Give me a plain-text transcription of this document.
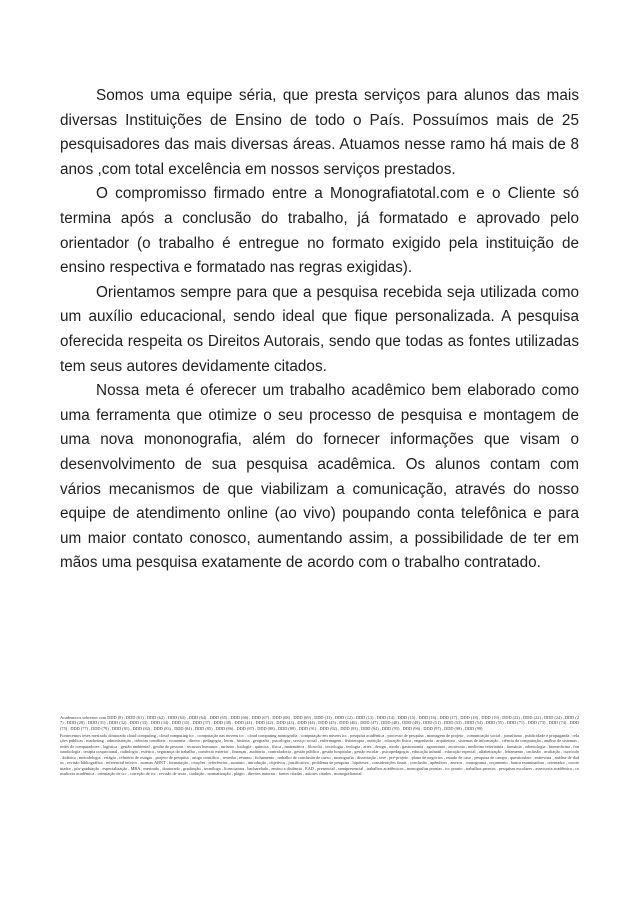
Somos uma equipe séria, que presta serviços para alunos das mais diversas Instituições de Ensino de todo o País. Possuímos mais de 25 pesquisadores das mais diversas áreas. Atuamos nesse ramo há mais de 8 anos ,com total excelência em nossos serviços prestados.

O compromisso firmado entre a Monografiatotal.com e o Cliente só termina após a conclusão do trabalho, já formatado e aprovado pelo orientador (o trabalho é entregue no formato exigido pela instituição de ensino respectiva e formatado nas regras exigidas).

Orientamos sempre para que a pesquisa recebida seja utilizada como um auxílio educacional, sendo ideal que fique personalizada. A pesquisa oferecida respeita os Direitos Autorais, sendo que todas as fontes utilizadas tem seus autores devidamente citados.

Nossa meta é oferecer um trabalho acadêmico bem elaborado como uma ferramenta que otimize o seu processo de pesquisa e montagem de uma nova mononografia, além do fornecer informações que visam o desenvolvimento de sua pesquisa acadêmica. Os alunos contam com vários mecanismos de que viabilizam a comunicação, através do nosso equipe de atendimento online (ao vivo) poupando conta telefônica e para um maior contato conosco, aumentando assim, a possibilidade de ter em mãos uma pesquisa exatamente de acordo com o trabalho contratado.

Academicos sobrenos com DDD (8) , DDD (61) , DDD (62) , DDD (63) , DDD (64) , DDD (65) , DDD (66) , DDD (67) , DDD (68) , DDD (69) , DDD (11) , DDD (12) , DDD (13) , DDD (14) , DDD (15) , DDD (16) , DDD (17) , DDD (18) , DDD (19) , DDD (21) , DDD (22) , DDD (24) , DDD (27) , DDD (28) , DDD (31) , DDD (32) , DDD (33) , DDD (34) , DDD (35) , DDD (37) , DDD (38) , DDD (41) , DDD (42) , DDD (43) , DDD (44) , DDD (45) , DDD (46) , DDD (47) , DDD (48) , DDD (49) , DDD (51) , DDD (53) , DDD (54) , DDD (55) , DDD (71) , DDD (73) , DDD (74) , DDD (75) , DDD (77) , DDD (79) , DDD (81) , DDD (82) , DDD (83) , DDD (84) , DDD (85) , DDD (86) , DDD (87) , DDD (88) , DDD (89) , DDD (91) , DDD (92) , DDD (93) , DDD (94) , DDD (95) , DDD (96) , DDD (97) , DDD (98) , DDD (99) .

Fornecemos teses mestrado doutorado cloud computing , cloud computing tcc , computação nas nuvens tcc , cloud computing monografia , computação em nuvens tcc , pesquisa acadêmica , processo de pesquisa , montagem de projeto , comunicação social , jornalismo , publicidade e propaganda , relações públicas , marketing , administração , ciências contábeis , economia , direito , pedagogia , letras , história , geografia , psicologia , serviço social , enfermagem , fisioterapia , nutrição , educação física , engenharia , arquitetura , sistemas de informação , ciência da computação , análise de sistemas , redes de computadores , logística , gestão ambiental , gestão de pessoas , recursos humanos , turismo , biologia , química , física , matemática , filosofia , sociologia , teologia , artes , design , moda , gastronomia , agronomia , zootecnia , medicina veterinária , farmácia , odontologia , biomedicina , fonoaudiologia , terapia ocupacional , radiologia , estética , segurança do trabalho , comércio exterior , finanças , auditoria , controladoria , gestão pública , gestão hospitalar , gestão escolar , psicopedagogia , educação infantil , educação especial , alfabetização , letramento , inclusão , avaliação , currículo , didática , metodologia , estágio , relatório de estágio , projeto de pesquisa , artigo científico , resenha , resumo , fichamento , trabalho de conclusão de curso , monografia , dissertação , tese , pré-projeto , plano de negócios , estudo de caso , pesquisa de campo , questionário , entrevista , análise de dados , revisão bibliográfica , referencial teórico , normas ABNT , formatação , citações , referências , sumário , introdução , objetivos , justificativa , problema de pesquisa , hipóteses , considerações finais , conclusão , apêndices , anexos , cronograma , orçamento , banca examinadora , orientador , coorientador , pós-graduação , especialização , MBA , mestrado , doutorado , graduação , tecnólogo , licenciatura , bacharelado , ensino a distância , EAD , presencial , semipresencial , trabalhos acadêmicos , monografias prontas , tcc pronto , trabalhos prontos , pesquisas escolares , assessoria acadêmica , consultoria acadêmica , orientação de tcc , correção de tcc , revisão de texto , tradução , normatização , plágio , direitos autorais , fontes citadas , autores citados , monografiatotal .
